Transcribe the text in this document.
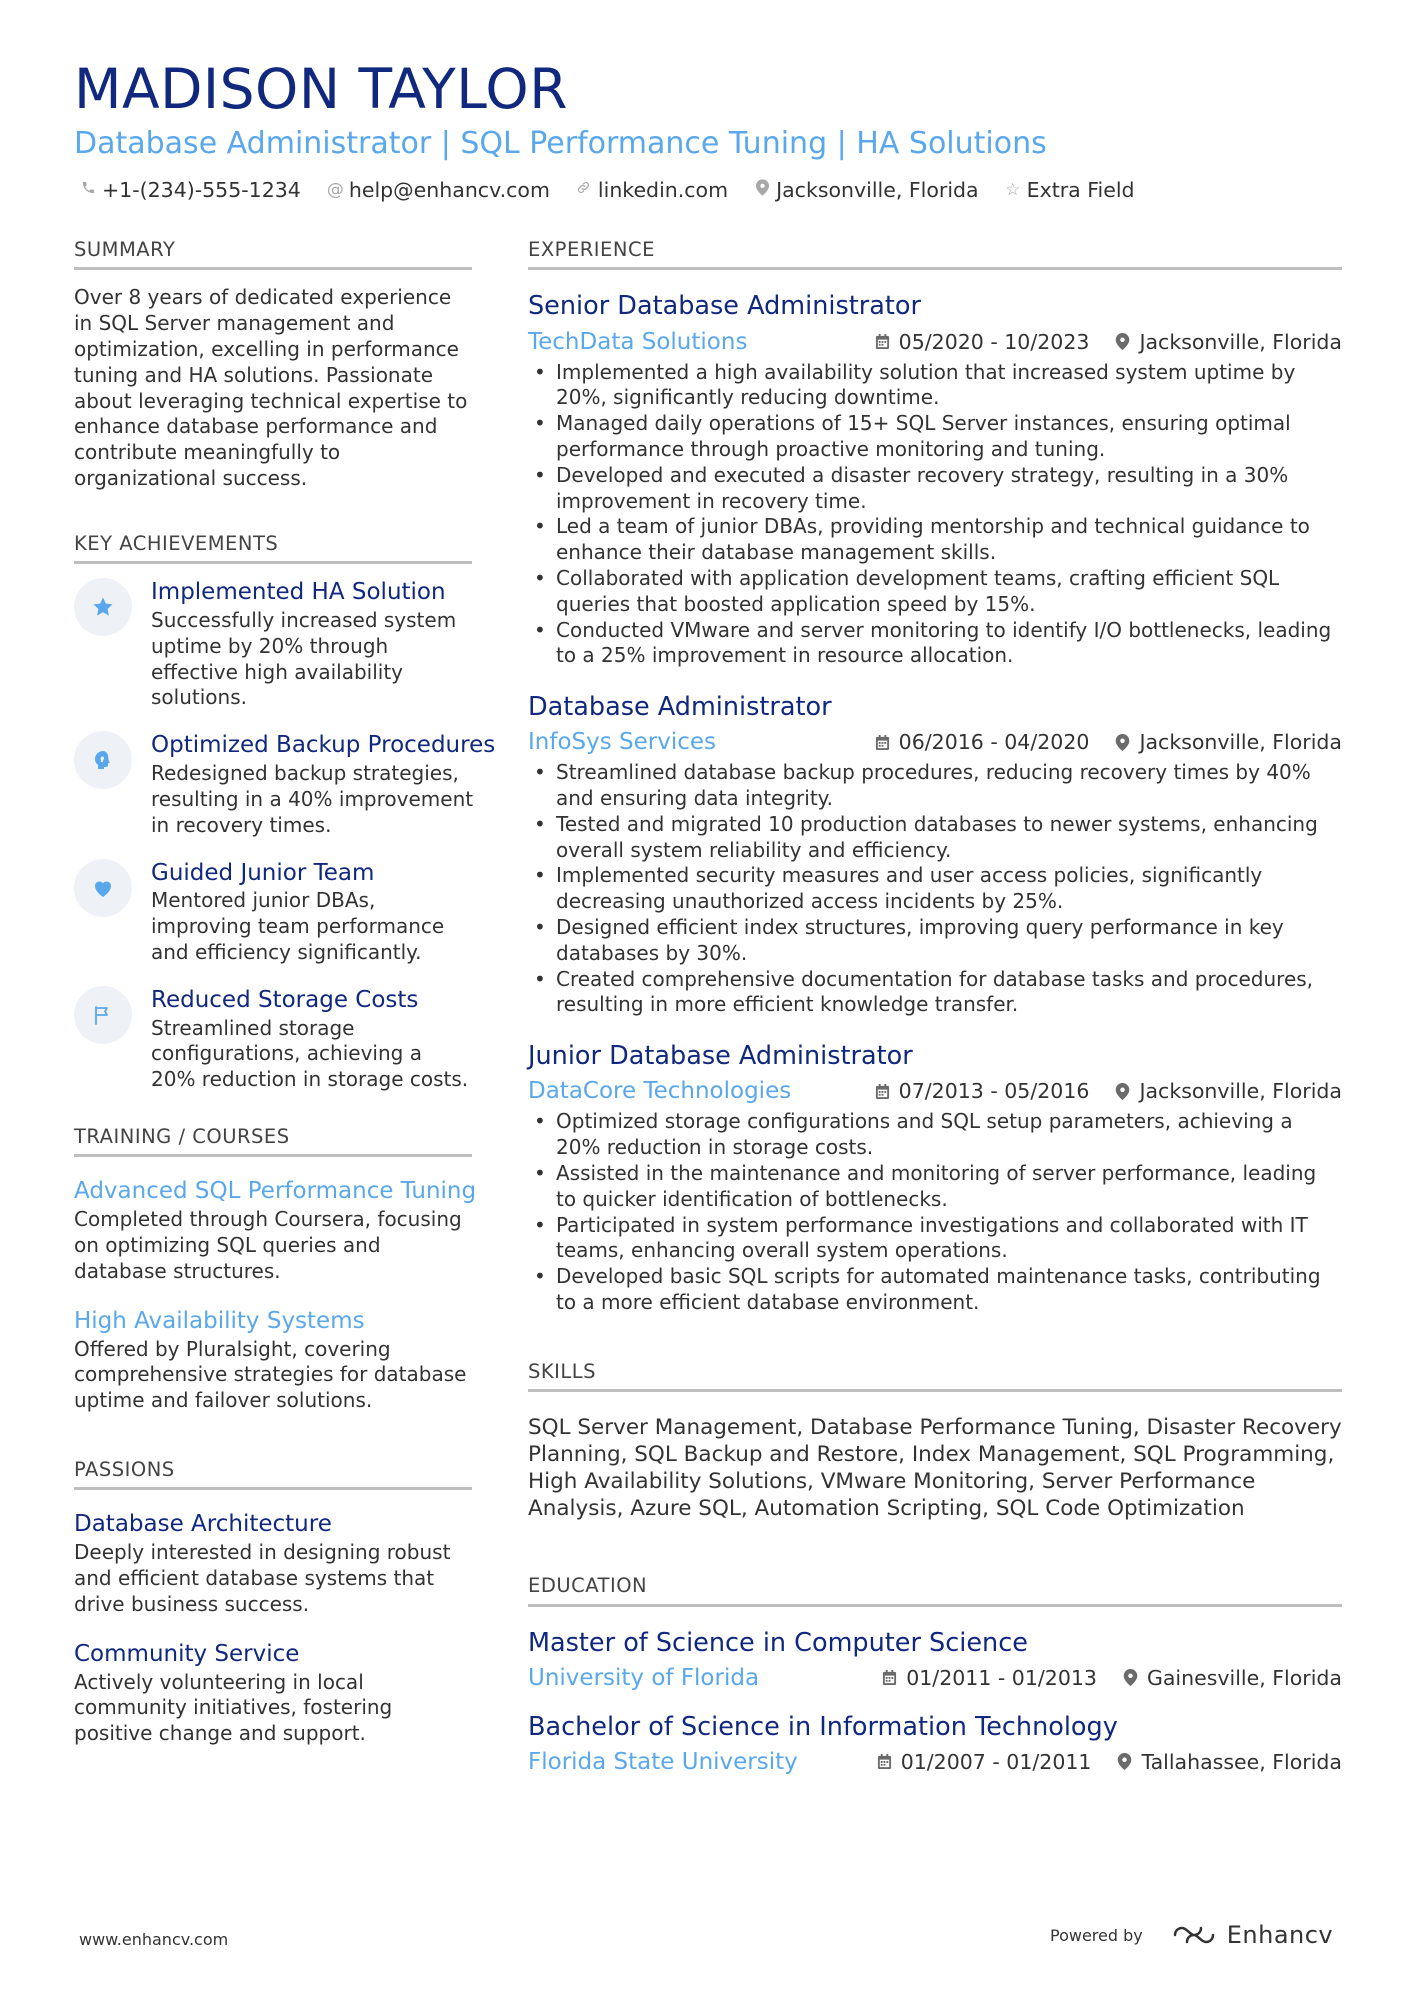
MADISON TAYLOR
Database Administrator | SQL Performance Tuning | HA Solutions
+1-(234)-555-1234 @ help@enhancv.com linkedin.com Jacksonville, Florida ☆ Extra Field
SUMMARY
Over 8 years of dedicated experience in SQL Server management and optimization, excelling in performance tuning and HA solutions. Passionate about leveraging technical expertise to enhance database performance and contribute meaningfully to organizational success.
KEY ACHIEVEMENTS
Implemented HA Solution
Successfully increased system uptime by 20% through effective high availability solutions.
Optimized Backup Procedures
Redesigned backup strategies, resulting in a 40% improvement in recovery times.
Guided Junior Team
Mentored junior DBAs, improving team performance and efficiency significantly.
Reduced Storage Costs
Streamlined storage configurations, achieving a 20% reduction in storage costs.
TRAINING / COURSES
Advanced SQL Performance Tuning
Completed through Coursera, focusing on optimizing SQL queries and database structures.
High Availability Systems
Offered by Pluralsight, covering comprehensive strategies for database uptime and failover solutions.
PASSIONS
Database Architecture
Deeply interested in designing robust and efficient database systems that drive business success.
Community Service
Actively volunteering in local community initiatives, fostering positive change and support.
EXPERIENCE
Senior Database Administrator
TechData Solutions	05/2020 - 10/2023 Jacksonville, Florida
• Implemented a high availability solution that increased system uptime by 20%, significantly reducing downtime.
• Managed daily operations of 15+ SQL Server instances, ensuring optimal performance through proactive monitoring and tuning.
• Developed and executed a disaster recovery strategy, resulting in a 30% improvement in recovery time.
• Led a team of junior DBAs, providing mentorship and technical guidance to enhance their database management skills.
• Collaborated with application development teams, crafting efficient SQL queries that boosted application speed by 15%.
• Conducted VMware and server monitoring to identify I/O bottlenecks, leading to a 25% improvement in resource allocation.
Database Administrator
InfoSys Services	06/2016 - 04/2020 Jacksonville, Florida
• Streamlined database backup procedures, reducing recovery times by 40% and ensuring data integrity.
• Tested and migrated 10 production databases to newer systems, enhancing overall system reliability and efficiency.
• Implemented security measures and user access policies, significantly decreasing unauthorized access incidents by 25%.
• Designed efficient index structures, improving query performance in key databases by 30%.
• Created comprehensive documentation for database tasks and procedures, resulting in more efficient knowledge transfer.
Junior Database Administrator
DataCore Technologies	07/2013 - 05/2016 Jacksonville, Florida
• Optimized storage configurations and SQL setup parameters, achieving a 20% reduction in storage costs.
• Assisted in the maintenance and monitoring of server performance, leading to quicker identification of bottlenecks.
• Participated in system performance investigations and collaborated with IT teams, enhancing overall system operations.
• Developed basic SQL scripts for automated maintenance tasks, contributing to a more efficient database environment.
SKILLS
SQL Server Management, Database Performance Tuning, Disaster Recovery Planning, SQL Backup and Restore, Index Management, SQL Programming, High Availability Solutions, VMware Monitoring, Server Performance Analysis, Azure SQL, Automation Scripting, SQL Code Optimization
EDUCATION
Master of Science in Computer Science
University of Florida	01/2011 - 01/2013 Gainesville, Florida
Bachelor of Science in Information Technology
Florida State University	01/2007 - 01/2011 Tallahassee, Florida
www.enhancv.com	Powered by	Enhancv
